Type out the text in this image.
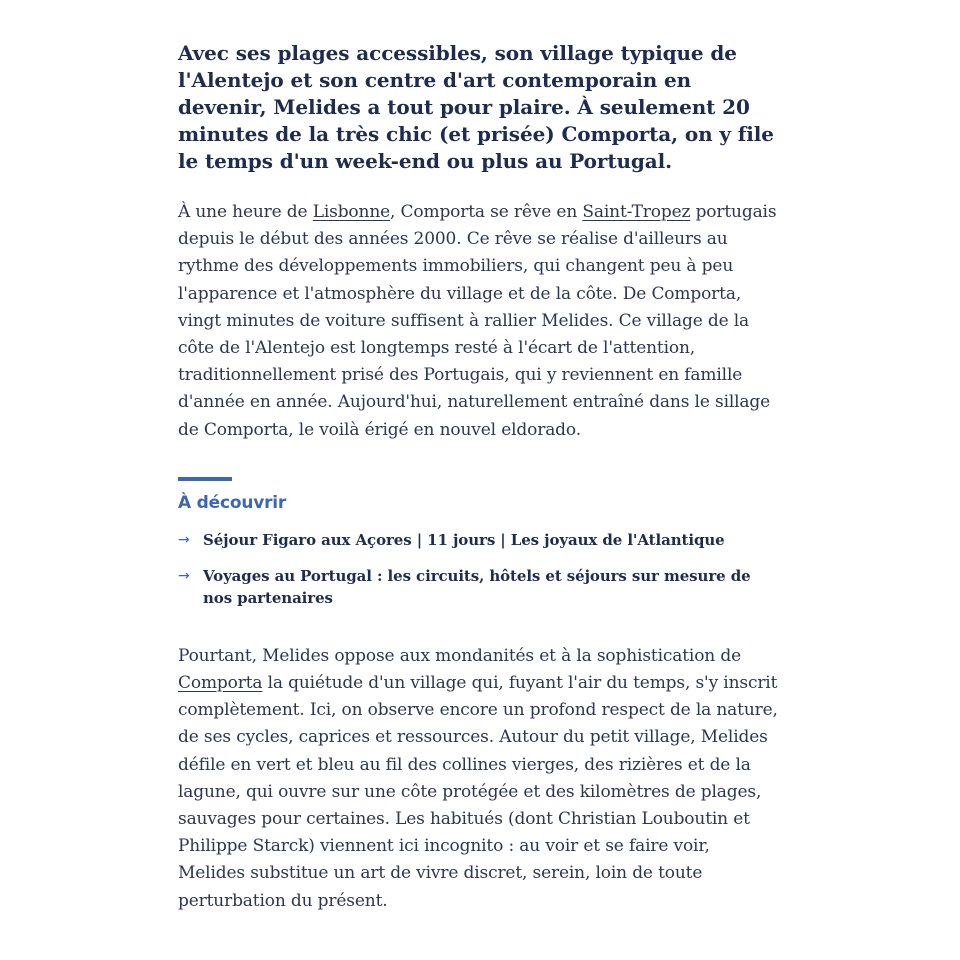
Avec ses plages accessibles, son village typique de l'Alentejo et son centre d'art contemporain en devenir, Melides a tout pour plaire. À seulement 20 minutes de la très chic (et prisée) Comporta, on y file le temps d'un week-end ou plus au Portugal.

À une heure de Lisbonne, Comporta se rêve en Saint-Tropez portugais depuis le début des années 2000. Ce rêve se réalise d'ailleurs au rythme des développements immobiliers, qui changent peu à peu l'apparence et l'atmosphère du village et de la côte. De Comporta, vingt minutes de voiture suffisent à rallier Melides. Ce village de la côte de l'Alentejo est longtemps resté à l'écart de l'attention, traditionnellement prisé des Portugais, qui y reviennent en famille d'année en année. Aujourd'hui, naturellement entraîné dans le sillage de Comporta, le voilà érigé en nouvel eldorado.

À découvrir
→ Séjour Figaro aux Açores | 11 jours | Les joyaux de l'Atlantique
→ Voyages au Portugal : les circuits, hôtels et séjours sur mesure de nos partenaires

Pourtant, Melides oppose aux mondanités et à la sophistication de Comporta la quiétude d'un village qui, fuyant l'air du temps, s'y inscrit complètement. Ici, on observe encore un profond respect de la nature, de ses cycles, caprices et ressources. Autour du petit village, Melides défile en vert et bleu au fil des collines vierges, des rizières et de la lagune, qui ouvre sur une côte protégée et des kilomètres de plages, sauvages pour certaines. Les habitués (dont Christian Louboutin et Philippe Starck) viennent ici incognito : au voir et se faire voir, Melides substitue un art de vivre discret, serein, loin de toute perturbation du présent.
